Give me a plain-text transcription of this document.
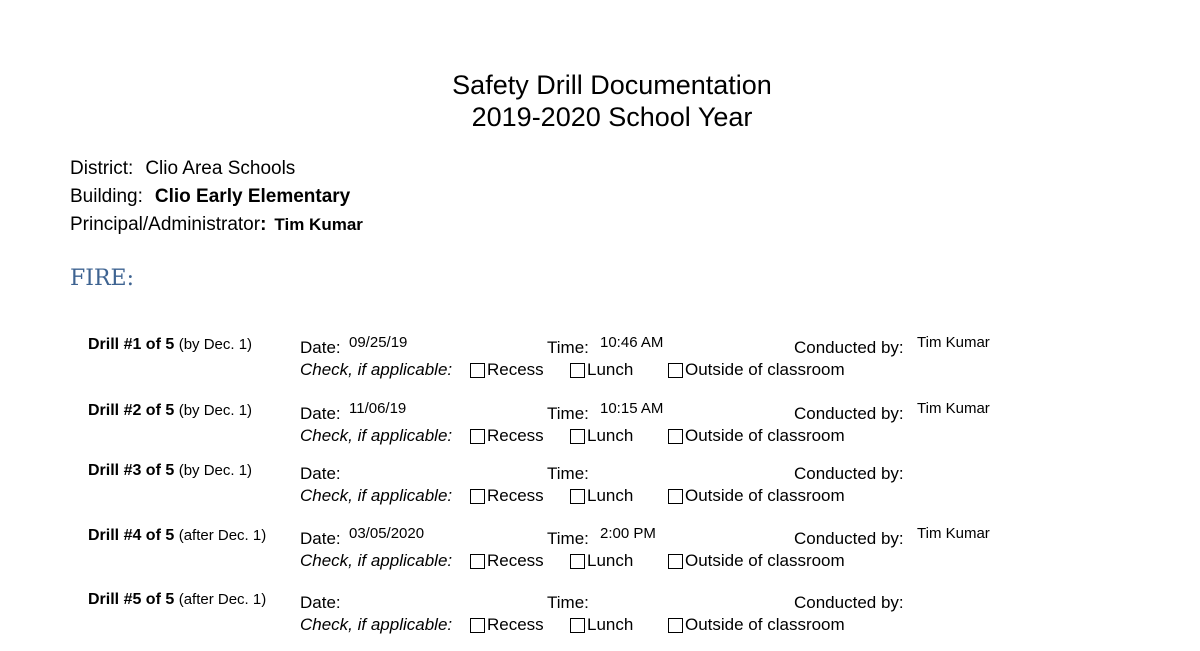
Safety Drill Documentation
2019-2020 School Year
District: Clio Area Schools
Building: Clio Early Elementary
Principal/Administrator: Tim Kumar
FIRE:
Drill #1 of 5 (by Dec. 1)	Date: 09/25/19	Time: 10:46 AM	Conducted by: Tim Kumar
Check, if applicable: Recess	Lunch	Outside of classroom
Drill #2 of 5 (by Dec. 1)	Date: 11/06/19	Time: 10:15 AM	Conducted by: Tim Kumar
Check, if applicable: Recess	Lunch	Outside of classroom
Drill #3 of 5 (by Dec. 1)	Date:	Time:	Conducted by:
Check, if applicable: Recess	Lunch	Outside of classroom
Drill #4 of 5 (after Dec. 1) Date: 03/05/2020	Time: 2:00 PM	Conducted by: Tim Kumar
Check, if applicable: Recess	Lunch	Outside of classroom
Drill #5 of 5 (after Dec. 1) Date:	Time:	Conducted by:
Check, if applicable: Recess	Lunch	Outside of classroom
